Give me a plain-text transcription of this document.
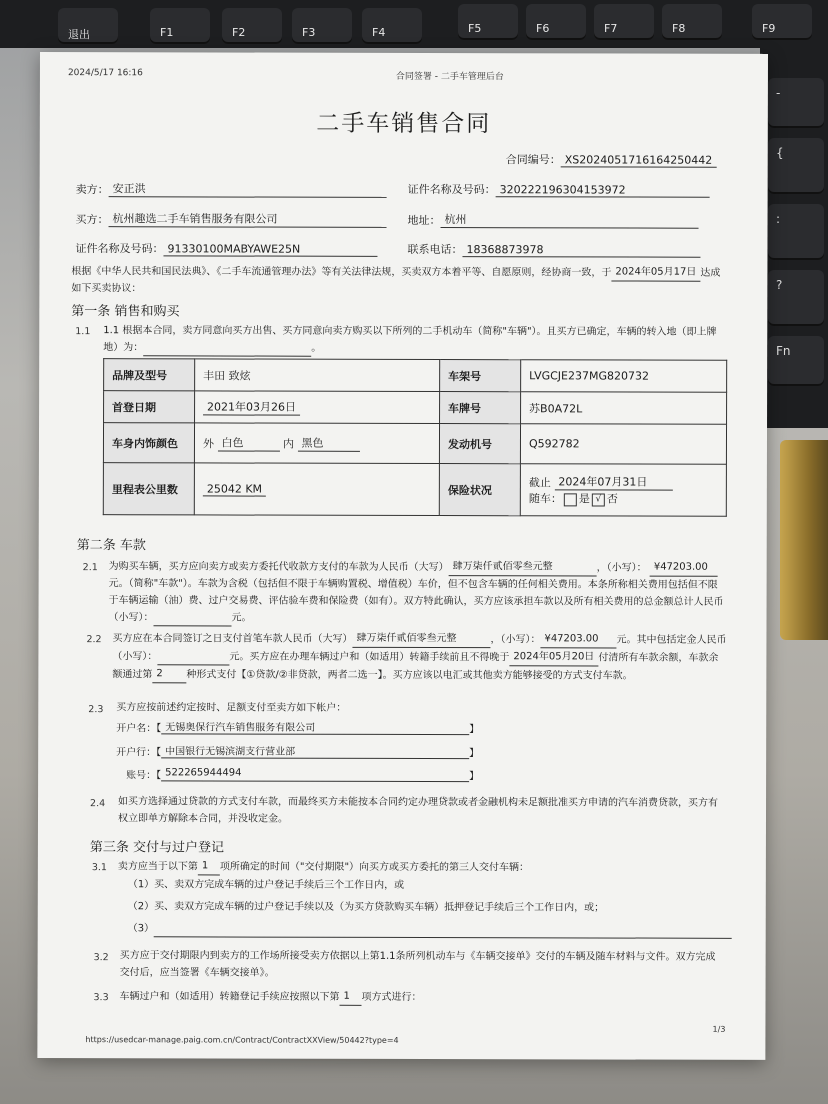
退出	F1	F2	F3	F4	F5	F6	F7	F8	F9
-
{
:
?
Fn
2024/5/17 16:16	合同签署 - 二手车管理后台
二手车销售合同
合同编号： XS2024051716164250442
卖方： 安正洪	证件名称及号码： 320222196304153972
买方： 杭州趣选二手车销售服务有限公司	地址： 杭州
证件名称及号码： 91330100MABYAWE25N	联系电话： 18368873978
根据《中华人民共和国民法典》、《二手车流通管理办法》等有关法律法规，买卖双方本着平等、自愿原则，经协商一致，于 2024年05月17日 达成如下买卖协议：
第一条 销售和购买
1.1 1.1 根据本合同，卖方同意向买方出售、买方同意向卖方购买以下所列的二手机动车（简称"车辆"）。且买方已确定，车辆的转入地（即上牌地）为：	。
品牌及型号	丰田 致炫	车架号	LVGCJE237MG820732
首登日期	2021年03月26日	车牌号	苏B0A72L
车身内饰颜色	外 白色 内 黑色	发动机号	Q592782
里程表公里数	25042 KM	保险状况	截止 2024年07月31日
随车： 是 √ 否
第二条 车款
2.1 为购买车辆，买方应向卖方或卖方委托代收款方支付的车款为人民币（大写） 肆万柒仟贰佰零叁元整	，（小写）： ¥47203.00元。（简称"车款"）。车款为含税（包括但不限于车辆购置税、增值税）车价，但不包含车辆的任何相关费用。本条所称相关费用包括但不限于车辆运输（油）费、过户交易费、评估验车费和保险费（如有）。双方特此确认，买方应该承担车款以及所有相关费用的总金额总计人民币（小写）：	元。
2.2 买方应在本合同签订之日支付首笔车款人民币（大写） 肆万柒仟贰佰零叁元整	，（小写）： ¥47203.00 元。其中包括定金人民币（小写）：	元。买方应在办理车辆过户和（如适用）转籍手续前且不得晚于 2024年05月20日 付清所有车款余额，车款余额通过第 2 种形式支付【①贷款/②非贷款，两者二选一】。买方应该以电汇或其他卖方能够接受的方式支付车款。
2.3 买方应按前述约定按时、足额支付至卖方如下帐户：
开户名：【 无锡奥保行汽车销售服务有限公司	】
开户行：【 中国银行无锡滨湖支行营业部	】
账号：【 522265944494	】
2.4 如买方选择通过贷款的方式支付车款，而最终买方未能按本合同约定办理贷款或者金融机构未足额批准买方申请的汽车消费贷款，买方有权立即单方解除本合同，并没收定金。
第三条 交付与过户登记
3.1 卖方应当于以下第 1 项所确定的时间（"交付期限"）向买方或买方委托的第三人交付车辆：
（1）买、卖双方完成车辆的过户登记手续后三个工作日内，或
（2）买、卖双方完成车辆的过户登记手续以及（为买方贷款购买车辆）抵押登记手续后三个工作日内，或；
（3）
3.2 买方应于交付期限内到卖方的工作场所接受卖方依据以上第1.1条所列机动车与《车辆交接单》交付的车辆及随车材料与文件。双方完成交付后，应当签署《车辆交接单》。
3.3 车辆过户和（如适用）转籍登记手续应按照以下第 1 项方式进行：
https://usedcar-manage.paig.com.cn/Contract/ContractXXView/50442?type=4
1/3
